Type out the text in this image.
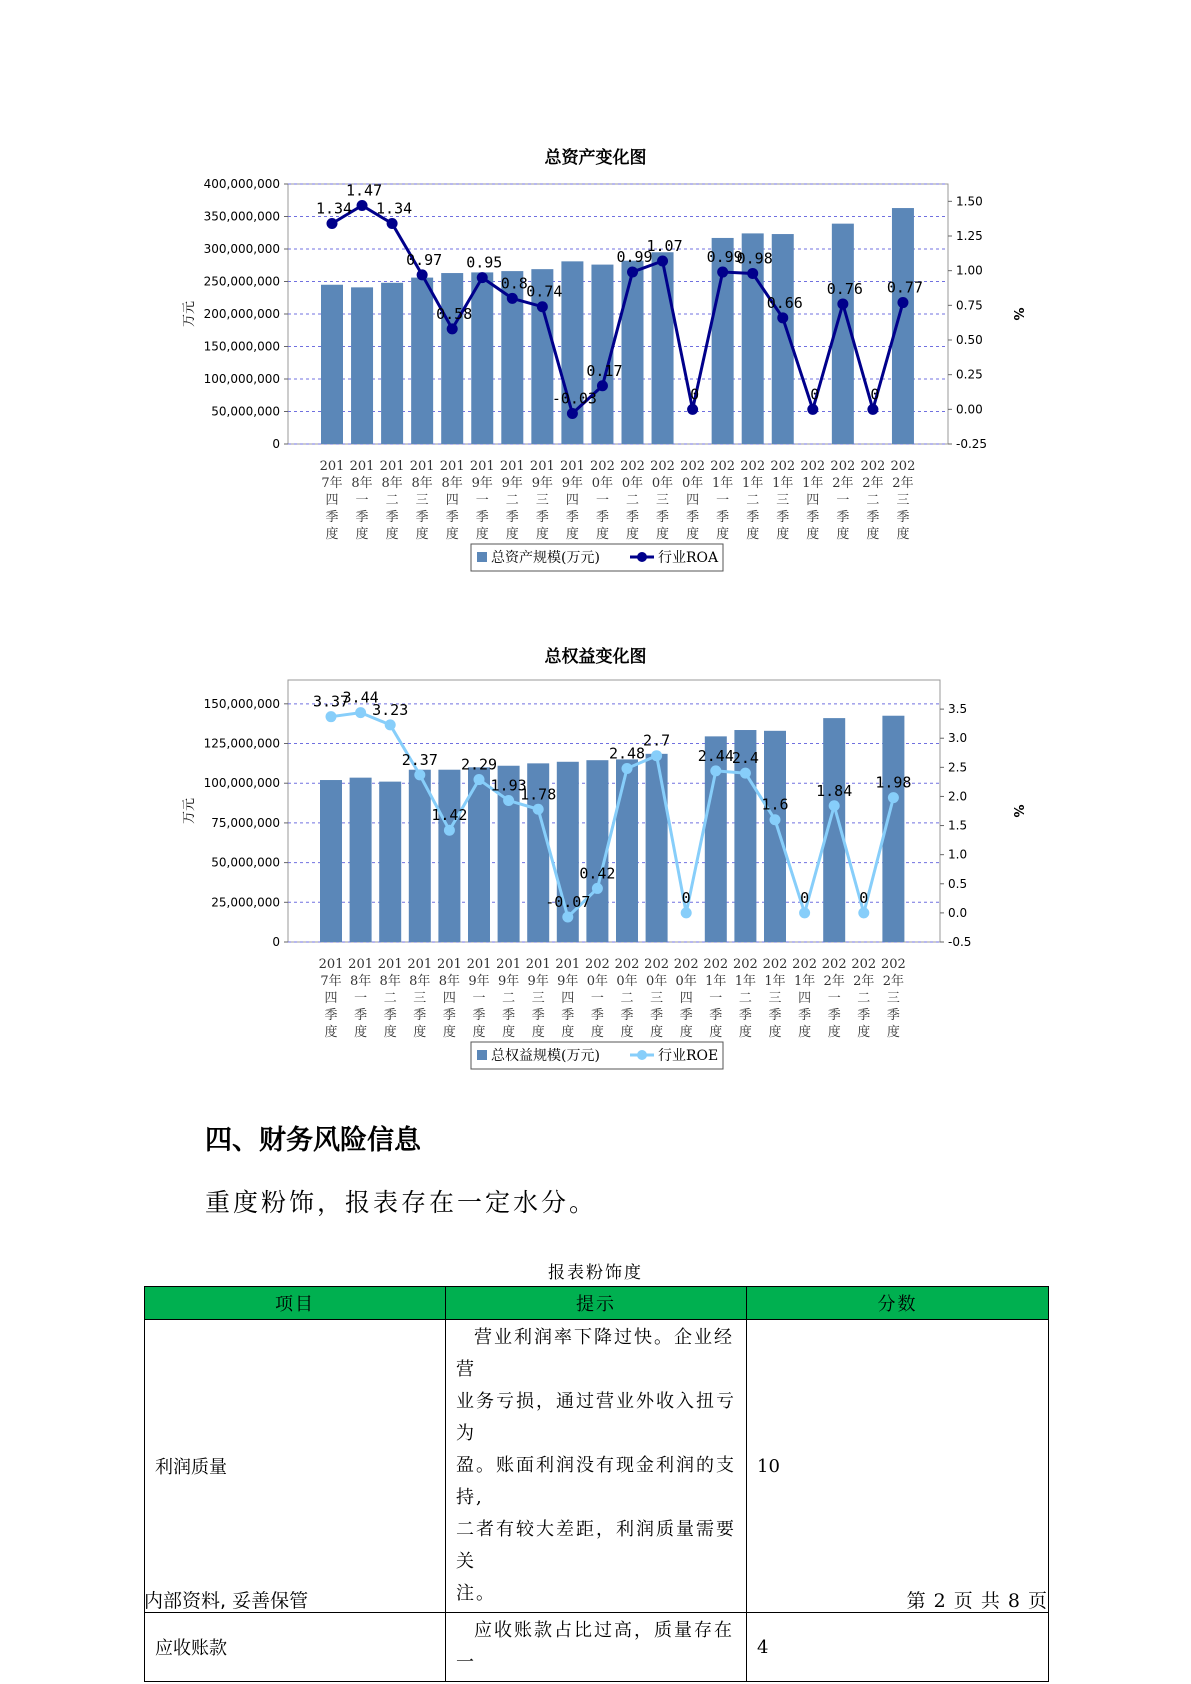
总资产变化图
400,000,000
350,000,000
300,000,000
250,000,000
200,000,000
150,000,000
100,000,000
50,000,000
0
1.50
1.25
1.00
0.75
0.50
0.25
0.00
-0.25
万元	%
1.34
1.47
1.34
0.97
0.58
0.95
0.8
0.74
-0.03
0.17
0.99
1.07
0
0.99
0.98
0.66
0
0.76
0
0.77
201
7年
四
季
度
201
8年
一
季
度
201
8年
二
季
度
201
8年
三
季
度
201
8年
四
季
度
201
9年
一
季
度
201
9年
二
季
度
201
9年
三
季
度
201
9年
四
季
度
202
0年
一
季
度
202
0年
二
季
度
202
0年
三
季
度
202
0年
四
季
度
202
1年
一
季
度
202
1年
二
季
度
202
1年
三
季
度
202
1年
四
季
度
202
2年
一
季
度
202
2年
二
季
度
202
2年
三
季
度
总资产规模(万元)	行业ROA
总权益变化图
150,000,000
125,000,000
100,000,000
75,000,000
50,000,000
25,000,000
0
3.5
3.0
2.5
2.0
1.5
1.0
0.5
0.0
-0.5
万元	%
3.37
3.44
3.23
2.37
1.42
2.29
1.93
1.78
-0.07
0.42
2.48
2.7
0
2.44
2.4
1.6
0
1.84
0
1.98
201
7年
四
季
度
201
8年
一
季
度
201
8年
二
季
度
201
8年
三
季
度
201
8年
四
季
度
201
9年
一
季
度
201
9年
二
季
度
201
9年
三
季
度
201
9年
四
季
度
202
0年
一
季
度
202
0年
二
季
度
202
0年
三
季
度
202
0年
四
季
度
202
1年
一
季
度
202
1年
二
季
度
202
1年
三
季
度
202
1年
四
季
度
202
2年
一
季
度
202
2年
二
季
度
202
2年
三
季
度
总权益规模(万元)	行业ROE
四、财务风险信息

重度粉饰，报表存在一定水分。

报表粉饰度
项目	提示	分数
利润质量	营业利润率下降过快。企业经营
业务亏损，通过营业外收入扭亏为
盈。账面利润没有现金利润的支持,
二者有较大差距，利润质量需要关
注。	10
应收账款	应收账款占比过高，质量存在一	4
内部资料, 妥善保管	第 2 页 共 8 页
